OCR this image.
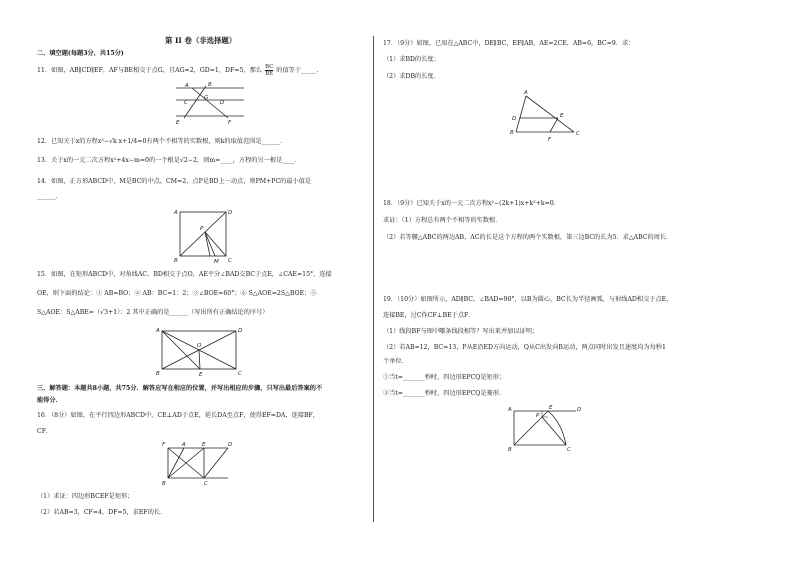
第 II 卷（非选择题）
二、填空题(每题3分，共15分)
11．如图，AB∥CD∥EF，AF与BE相交于点G，且AG=2，GD=1，DF=5，那么 $\frac{BC}{BE}$ 的值等于_____．
A	B
C	D
G
E	F
12．已知关于x的方程x²−√k x+1/4=0有两个不相等的实数根，则k的取值范围是______．
13．关于x的一元二次方程x²+4x−m=0的一个根是√2−2，则m=____，方程的另一根是____．
14．如图，正方形ABCD中，M是BC的中点，CM=2，点P是BD上一动点，则PM+PC的最小值是
______．
A	D
P
B	M C
15．如图，在矩形ABCD中，对角线AC、BD相交于点O，AE平分∠BAD交BC于点E，∠CAE=15°，连接
OE，则下面的结论：① AB=BO；② AB：BC=1：2；③∠BOE=60°；④ S△AOE=2S△BOE；⑤
S△AOE：S△ABE=（√3+1）：2 其中正确的是______（写出所有正确结论的序号）
A	D
O
B	E	C
三、解答题：本题共8小题，共75分．解答应写在相应的位置，并写出相应的步骤，只写出最后答案的不
能得分．
16．（8分）如图，在平行四边形ABCD中，CE⊥AD于点E，延长DA至点F，使得EF=DA，连接BF，
CF．
F	A	E	D
B	C
（1）求证：四边形BCEF是矩形；
（2）若AB=3，CF=4，DF=5，求EF的长．
17．（9分）如图，已知在△ABC中，DE∥BC，EF∥AB，AE=2CE，AB=6，BC=9．求：
（1）求BD的长度；
（2）求DB的长度．
A
D	E
B
F
C
18．（9分）已知关于x的一元二次方程x²−(2k+1)x+k²+k=0．
求证：（1）方程总有两个不相等的实数根．
（2）若等腰△ABC的两边AB，AC的长是这个方程的两个实数根，第三边BC的长为5．求△ABC的周长．
19．（10分）如图所示，AD∥BC，∠BAD=90°，以B为圆心，BC长为半径画弧，与射线AD相交于点E，
连接BE，过C作CF⊥BE于点F．
（1）线段BF与图中哪条线段相等？写出来并加以证明；
（2）若AB=12，BC=13，P从E沿ED方向运动，Q从C出发向B运动，两点同时出发且速度均为每秒1
个单位．
①当t=_______秒时，四边形EPCQ是矩形；
②当t=_______秒时，四边形EPCQ是菱形．
A
P
E	D
B	C
